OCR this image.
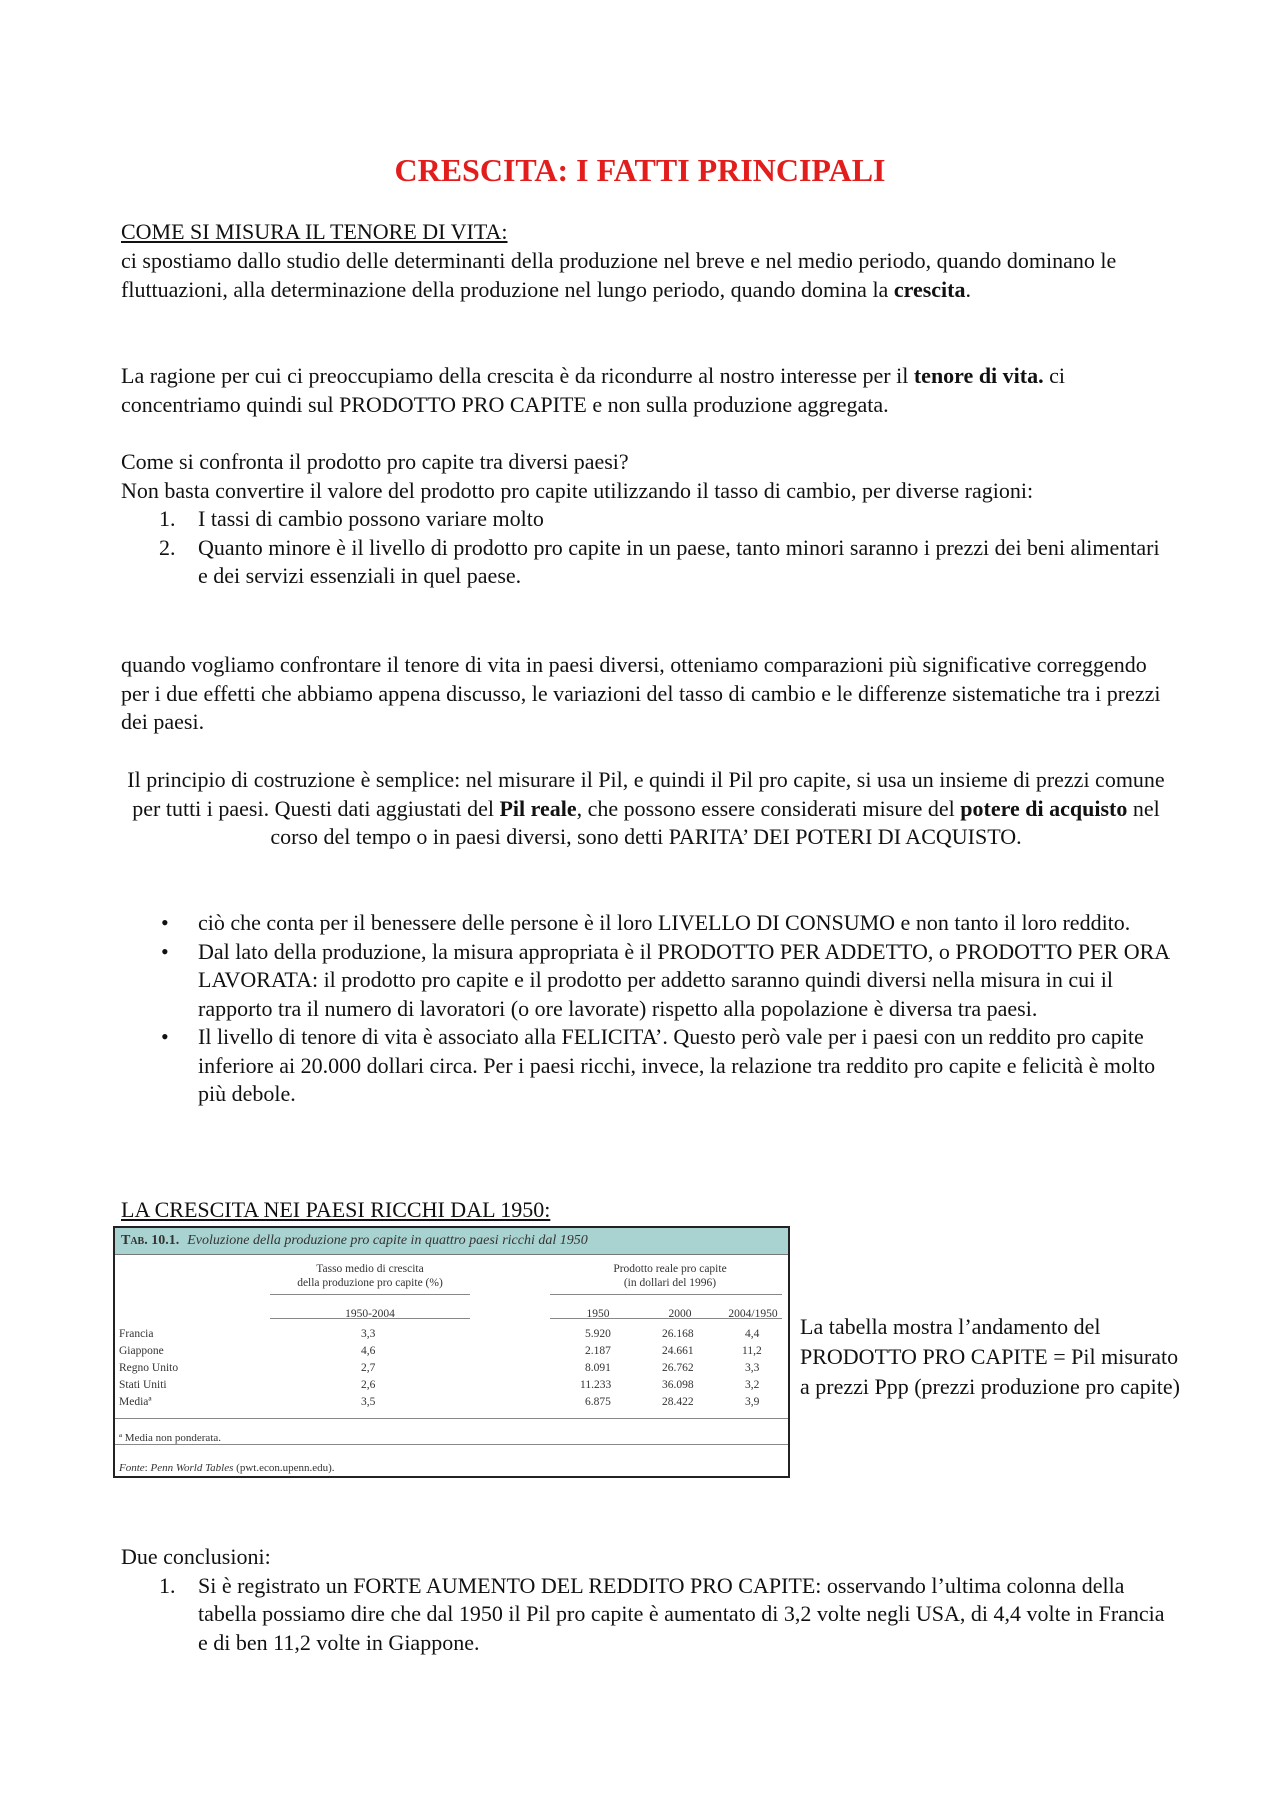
CRESCITA: I FATTI PRINCIPALI
COME SI MISURA IL TENORE DI VITA:
ci spostiamo dallo studio delle determinanti della produzione nel breve e nel medio periodo, quando dominano le fluttuazioni, alla determinazione della produzione nel lungo periodo, quando domina la crescita.
La ragione per cui ci preoccupiamo della crescita è da ricondurre al nostro interesse per il tenore di vita. ci concentriamo quindi sul PRODOTTO PRO CAPITE e non sulla produzione aggregata.
Come si confronta il prodotto pro capite tra diversi paesi?
Non basta convertire il valore del prodotto pro capite utilizzando il tasso di cambio, per diverse ragioni:
1. I tassi di cambio possono variare molto
2. Quanto minore è il livello di prodotto pro capite in un paese, tanto minori saranno i prezzi dei beni alimentari e dei servizi essenziali in quel paese.
quando vogliamo confrontare il tenore di vita in paesi diversi, otteniamo comparazioni più significative correggendo per i due effetti che abbiamo appena discusso, le variazioni del tasso di cambio e le differenze sistematiche tra i prezzi dei paesi.
Il principio di costruzione è semplice: nel misurare il Pil, e quindi il Pil pro capite, si usa un insieme di prezzi comune per tutti i paesi. Questi dati aggiustati del Pil reale, che possono essere considerati misure del potere di acquisto nel corso del tempo o in paesi diversi, sono detti PARITA’ DEI POTERI DI ACQUISTO.
• ciò che conta per il benessere delle persone è il loro LIVELLO DI CONSUMO e non tanto il loro reddito.
• Dal lato della produzione, la misura appropriata è il PRODOTTO PER ADDETTO, o PRODOTTO PER ORA LAVORATA: il prodotto pro capite e il prodotto per addetto saranno quindi diversi nella misura in cui il rapporto tra il numero di lavoratori (o ore lavorate) rispetto alla popolazione è diversa tra paesi.
• Il livello di tenore di vita è associato alla FELICITA’. Questo però vale per i paesi con un reddito pro capite inferiore ai 20.000 dollari circa. Per i paesi ricchi, invece, la relazione tra reddito pro capite e felicità è molto più debole.
LA CRESCITA NEI PAESI RICCHI DAL 1950:
Tab. 10.1. Evoluzione della produzione pro capite in quattro paesi ricchi dal 1950
Tasso medio di crescita
della produzione pro capite (%)
Prodotto reale pro capite
(in dollari del 1996)
1950-2004	1950	2000	2004/1950
Francia	3,3	5.920	26.168	4,4
Giappone	4,6	2.187	24.661	11,2
Regno Unito	2,7	8.091	26.762	3,3
Stati Uniti	2,6	11.233	36.098	3,2
Mediaª	3,5	6.875	28.422	3,9
ª Media non ponderata.
Fonte: Penn World Tables (pwt.econ.upenn.edu).
La tabella mostra l’andamento del PRODOTTO PRO CAPITE = Pil misurato a prezzi Ppp (prezzi produzione pro capite)
Due conclusioni:
1. Si è registrato un FORTE AUMENTO DEL REDDITO PRO CAPITE: osservando l’ultima colonna della tabella possiamo dire che dal 1950 il Pil pro capite è aumentato di 3,2 volte negli USA, di 4,4 volte in Francia e di ben 11,2 volte in Giappone.
